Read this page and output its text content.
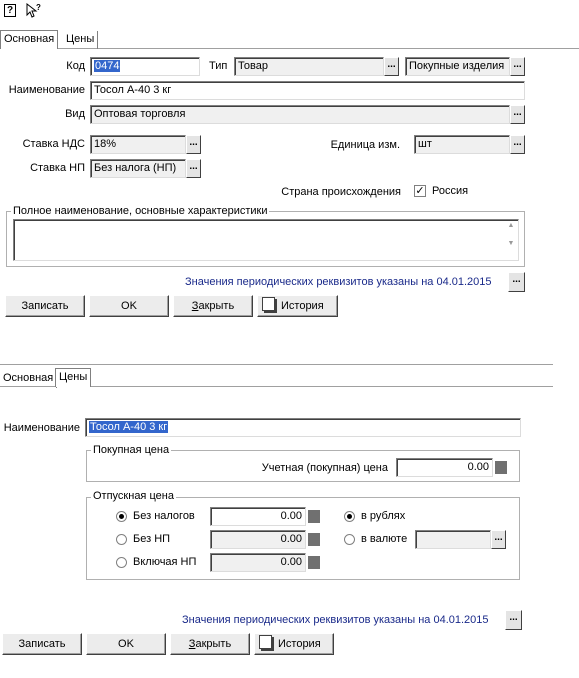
?	?
Основная	Цены
Код 0474	Тип Товар	...	Покупные изделия ...
Наименование Тосол А-40 3 кг
Вид Оптовая торговля	...
Ставка НДС 18%	...	Единица изм.	шт	...
Ставка НП Без налога (НП)	...
Страна происхождения ✓ Россия
Полное наименование, основные характеристики
▲

▼
Значения периодических реквизитов указаны на 04.01.2015	...
Записать	OK	Закрыть	История
Основная Цены
Наименование Тосол А-40 3 кг
Покупная цена
Учетная (покупная) цена	0.00
Отпускная цена
Без налогов	0.00
Без НП	0.00
Включая НП	0.00
в рублях
в валюте	...
Значения периодических реквизитов указаны на 04.01.2015	...
Записать	OK	Закрыть	История
